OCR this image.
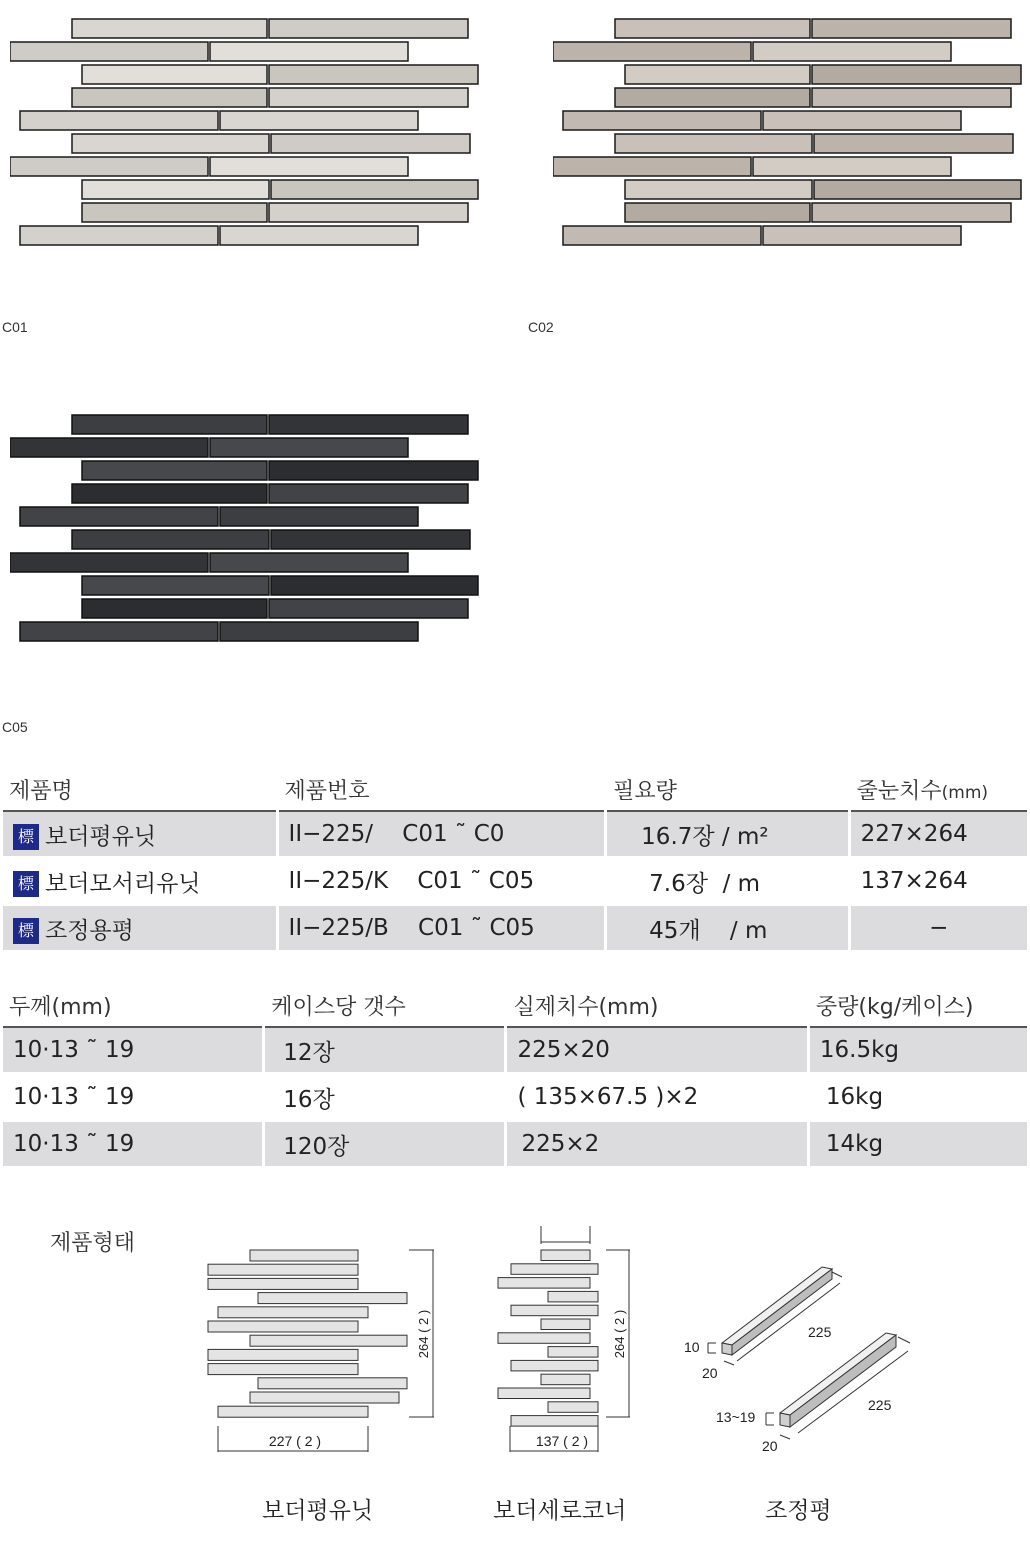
C01	C02
C05
제품명	제품번호	필요량	줄눈치수(mm)
標 보더평유닛	II−225/    C01 ˜ C0	16.7장 / m²	227×264
標 보더모서리유닛	II−225/K    C01 ˜ C05	7.6장  / m	137×264
標 조정용평	II−225/B    C01 ˜ C05	45개    / m	−
두께(mm)	케이스당 갯수	실제치수(mm)	중량(kg/케이스)
10·13 ˜ 19	12장	225×20	16.5kg
10·13 ˜ 19	16장	( 135×67.5 )×2	16kg
10·13 ˜ 19	120장	225×2	14kg
제품형태
264 ( 2 )
227 ( 2 )
보더평유닛
264 ( 2 )
137 ( 2 )
보더세로코너
225
10
20
225
13~19
20
조정평
